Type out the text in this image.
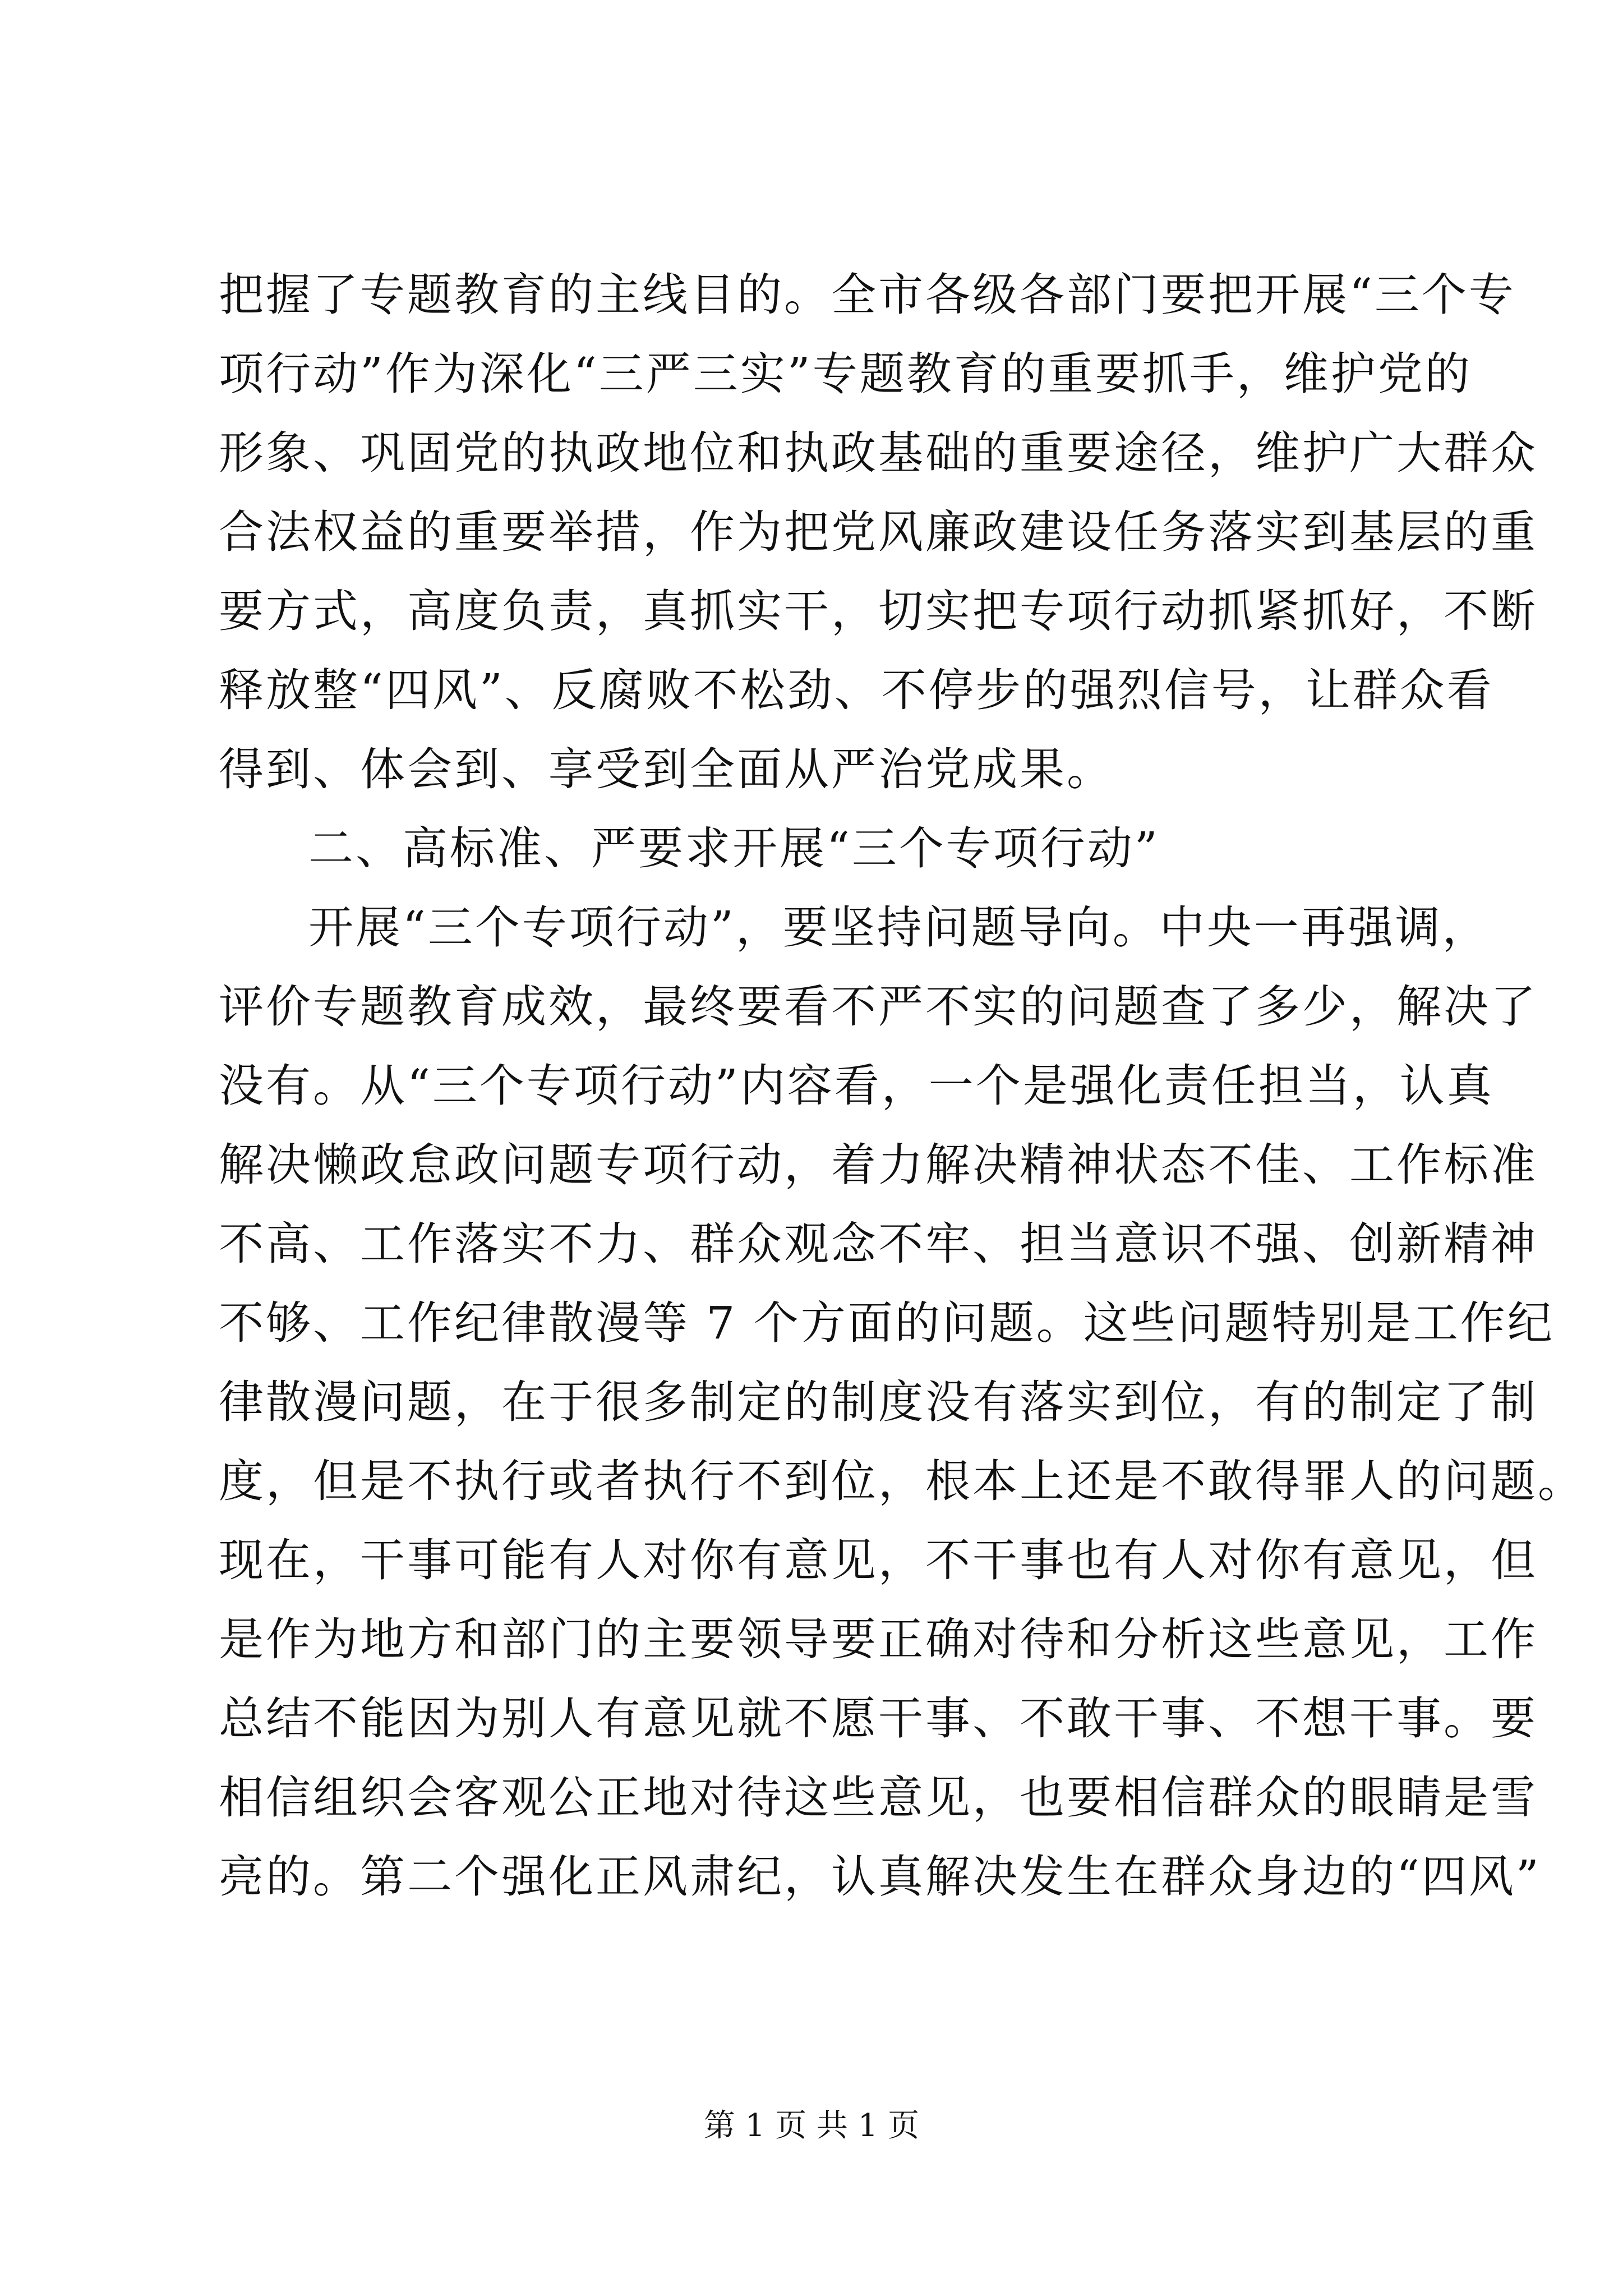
把握了专题教育的主线目的。全市各级各部门要把开展“三个专
项行动”作为深化“三严三实”专题教育的重要抓手，维护党的
形象、巩固党的执政地位和执政基础的重要途径，维护广大群众
合法权益的重要举措，作为把党风廉政建设任务落实到基层的重
要方式，高度负责，真抓实干，切实把专项行动抓紧抓好，不断
释放整“四风”、反腐败不松劲、不停步的强烈信号，让群众看
得到、体会到、享受到全面从严治党成果。
二、高标准、严要求开展“三个专项行动”
开展“三个专项行动”，要坚持问题导向。中央一再强调，
评价专题教育成效，最终要看不严不实的问题查了多少，解决了
没有。从“三个专项行动”内容看，一个是强化责任担当，认真
解决懒政怠政问题专项行动，着力解决精神状态不佳、工作标准
不高、工作落实不力、群众观念不牢、担当意识不强、创新精神
不够、工作纪律散漫等 7 个方面的问题。这些问题特别是工作纪
律散漫问题，在于很多制定的制度没有落实到位，有的制定了制
度，但是不执行或者执行不到位，根本上还是不敢得罪人的问题。
现在，干事可能有人对你有意见，不干事也有人对你有意见，但
是作为地方和部门的主要领导要正确对待和分析这些意见，工作
总结不能因为别人有意见就不愿干事、不敢干事、不想干事。要
相信组织会客观公正地对待这些意见，也要相信群众的眼睛是雪
亮的。第二个强化正风肃纪，认真解决发生在群众身边的“四风”
第 1 页 共 1 页
